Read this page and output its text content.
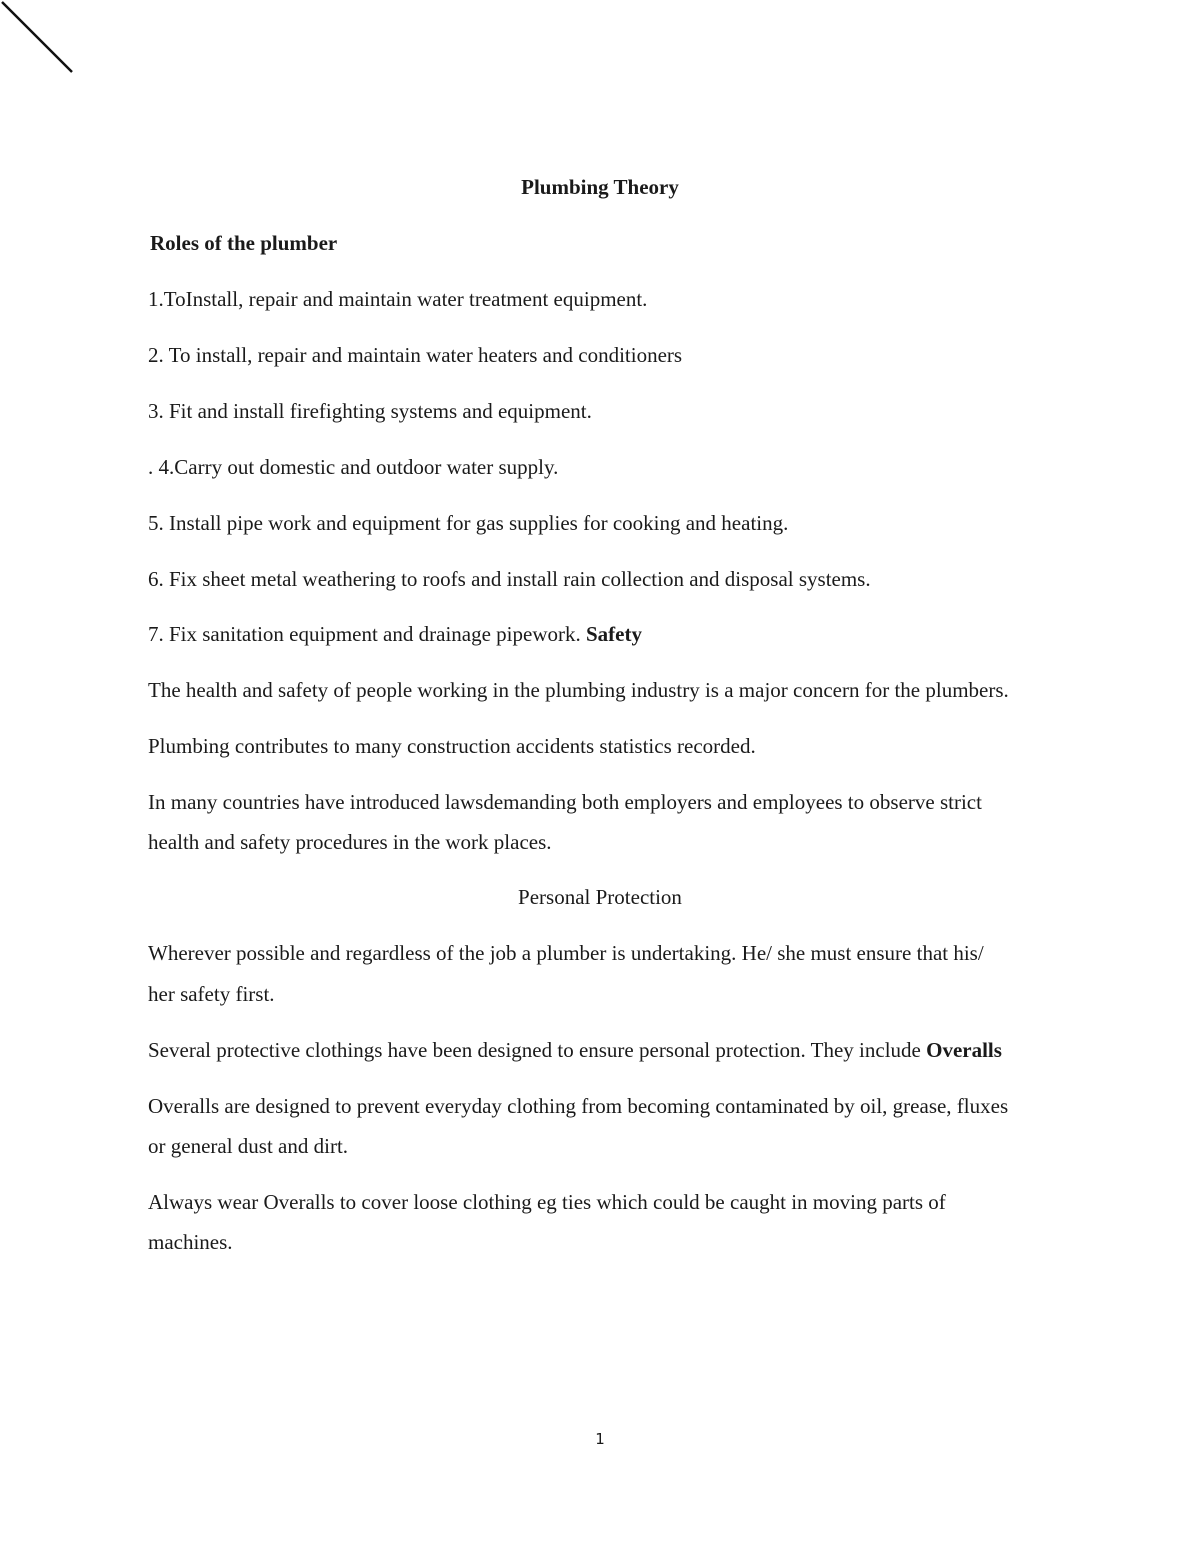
Plumbing Theory
Roles of the plumber
1.ToInstall, repair and maintain water treatment equipment.
2. To install, repair and maintain water heaters and conditioners
3. Fit and install firefighting systems and equipment.
. 4.Carry out domestic and outdoor water supply.
5. Install pipe work and equipment for gas supplies for cooking and heating.
6. Fix sheet metal weathering to roofs and install rain collection and disposal systems.
7. Fix sanitation equipment and drainage pipework. Safety
The health and safety of people working in the plumbing industry is a major concern for the plumbers.
Plumbing contributes to many construction accidents statistics recorded.
In many countries have introduced lawsdemanding both employers and employees to observe strict
health and safety procedures in the work places.
Personal Protection
Wherever possible and regardless of the job a plumber is undertaking. He/ she must ensure that his/
her safety first.
Several protective clothings have been designed to ensure personal protection. They include Overalls
Overalls are designed to prevent everyday clothing from becoming contaminated by oil, grease, fluxes
or general dust and dirt.
Always wear Overalls to cover loose clothing eg ties which could be caught in moving parts of
machines.
1
